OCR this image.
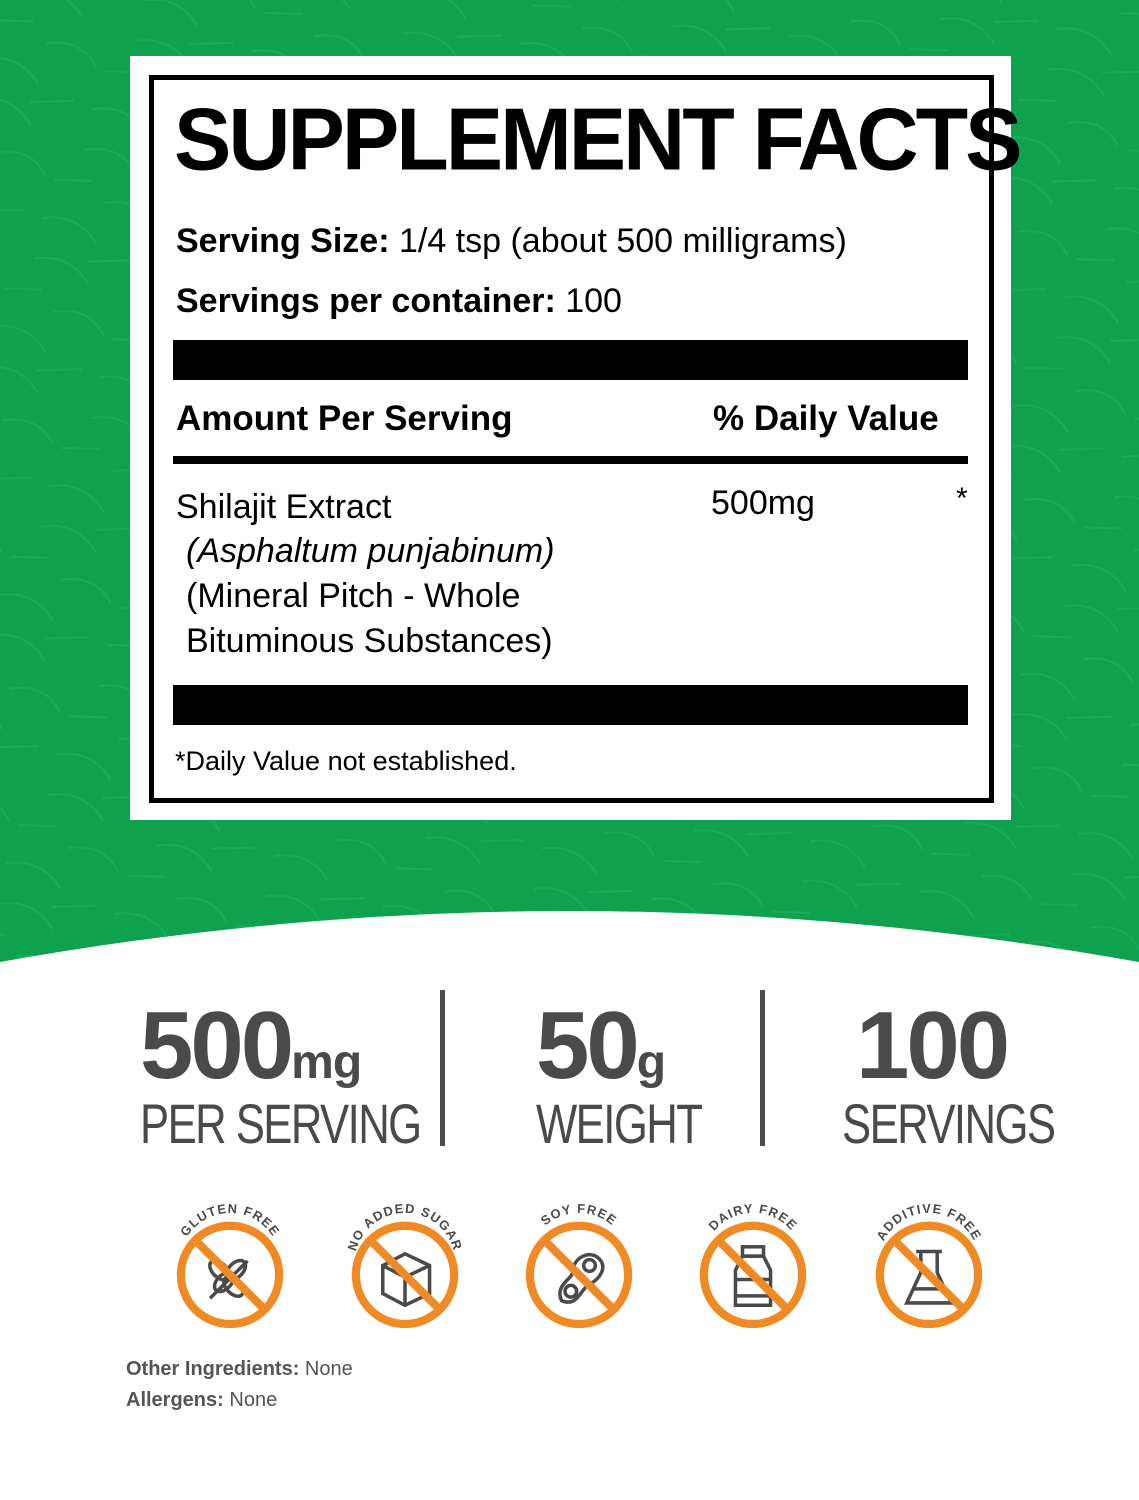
SUPPLEMENT FACTS
Serving Size: 1/4 tsp (about 500 milligrams)
Servings per container: 100
Amount Per Serving	% Daily Value
Shilajit Extract
(Asphaltum punjabinum)
(Mineral Pitch - Whole
Bituminous Substances)
500mg	*
*Daily Value not established.
500mg
PER SERVING
50g
WEIGHT
100
SERVINGS
GLUTEN FREE
NO ADDED SUGAR
SOY FREE	DAIRY FREE
ADDITIVE FREE
Other Ingredients: None
Allergens: None
